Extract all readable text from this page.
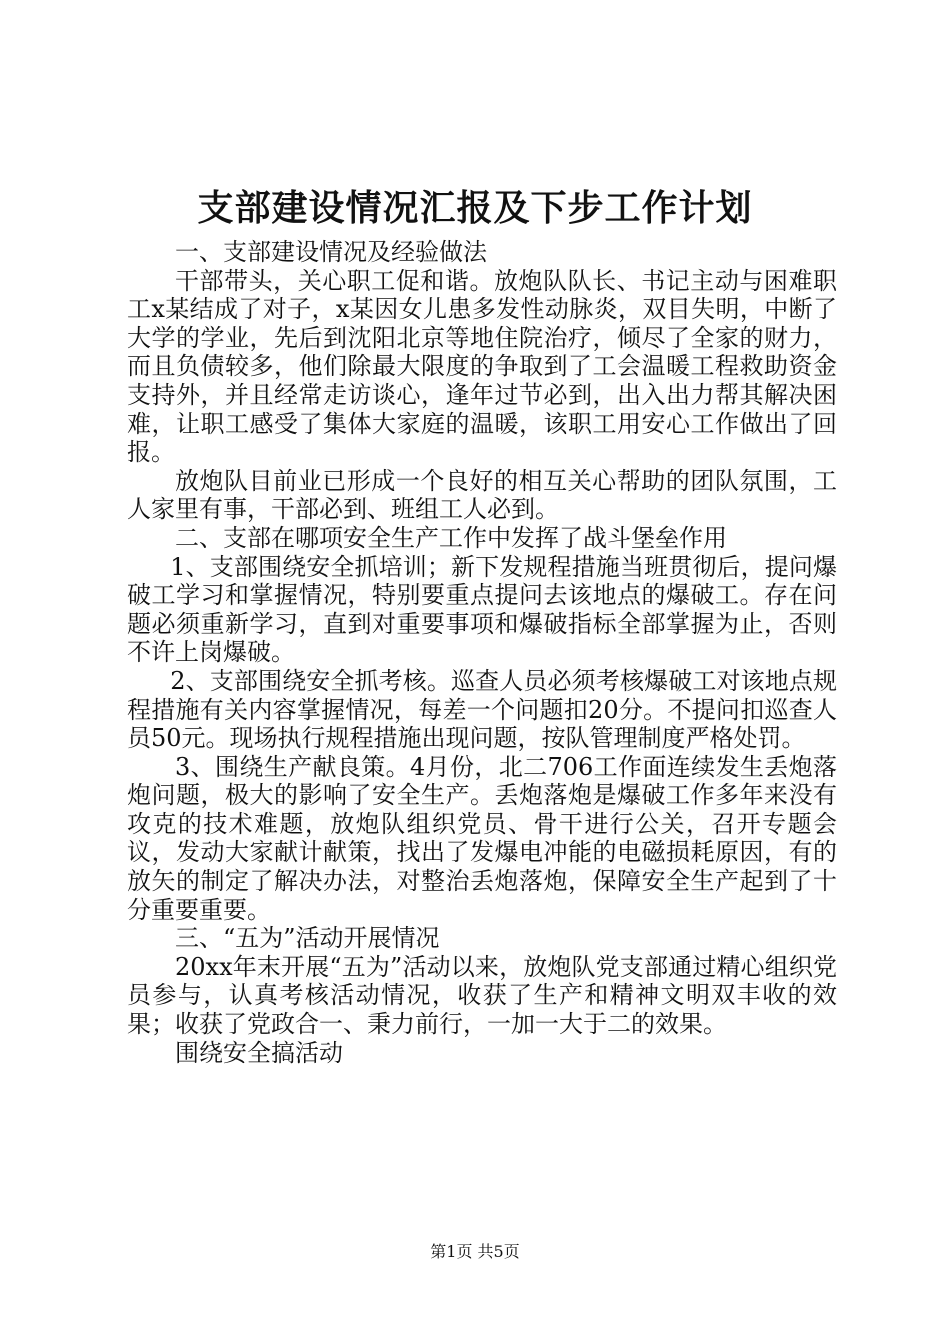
支部建设情况汇报及下步工作计划

一、支部建设情况及经验做法

干部带头，关心职工促和谐。放炮队队长、书记主动与困难职工x某结成了对子，x某因女儿患多发性动脉炎，双目失明，中断了大学的学业，先后到沈阳北京等地住院治疗，倾尽了全家的财力，而且负债较多，他们除最大限度的争取到了工会温暖工程救助资金支持外，并且经常走访谈心，逢年过节必到，出入出力帮其解决困难，让职工感受了集体大家庭的温暖，该职工用安心工作做出了回报。

放炮队目前业已形成一个良好的相互关心帮助的团队氛围，工人家里有事，干部必到、班组工人必到。

二、支部在哪项安全生产工作中发挥了战斗堡垒作用

1、支部围绕安全抓培训；新下发规程措施当班贯彻后，提问爆破工学习和掌握情况，特别要重点提问去该地点的爆破工。存在问题必须重新学习，直到对重要事项和爆破指标全部掌握为止，否则不许上岗爆破。

2、支部围绕安全抓考核。巡查人员必须考核爆破工对该地点规程措施有关内容掌握情况，每差一个问题扣20分。不提问扣巡查人员50元。现场执行规程措施出现问题，按队管理制度严格处罚。

3、围绕生产献良策。4月份，北二706工作面连续发生丢炮落炮问题，极大的影响了安全生产。丢炮落炮是爆破工作多年来没有攻克的技术难题，放炮队组织党员、骨干进行公关，召开专题会议，发动大家献计献策，找出了发爆电冲能的电磁损耗原因，有的放矢的制定了解决办法，对整治丢炮落炮，保障安全生产起到了十分重要重要。

三、“五为”活动开展情况

20xx年末开展“五为”活动以来，放炮队党支部通过精心组织党员参与，认真考核活动情况，收获了生产和精神文明双丰收的效果；收获了党政合一、秉力前行，一加一大于二的效果。

围绕安全搞活动

第1页 共5页
